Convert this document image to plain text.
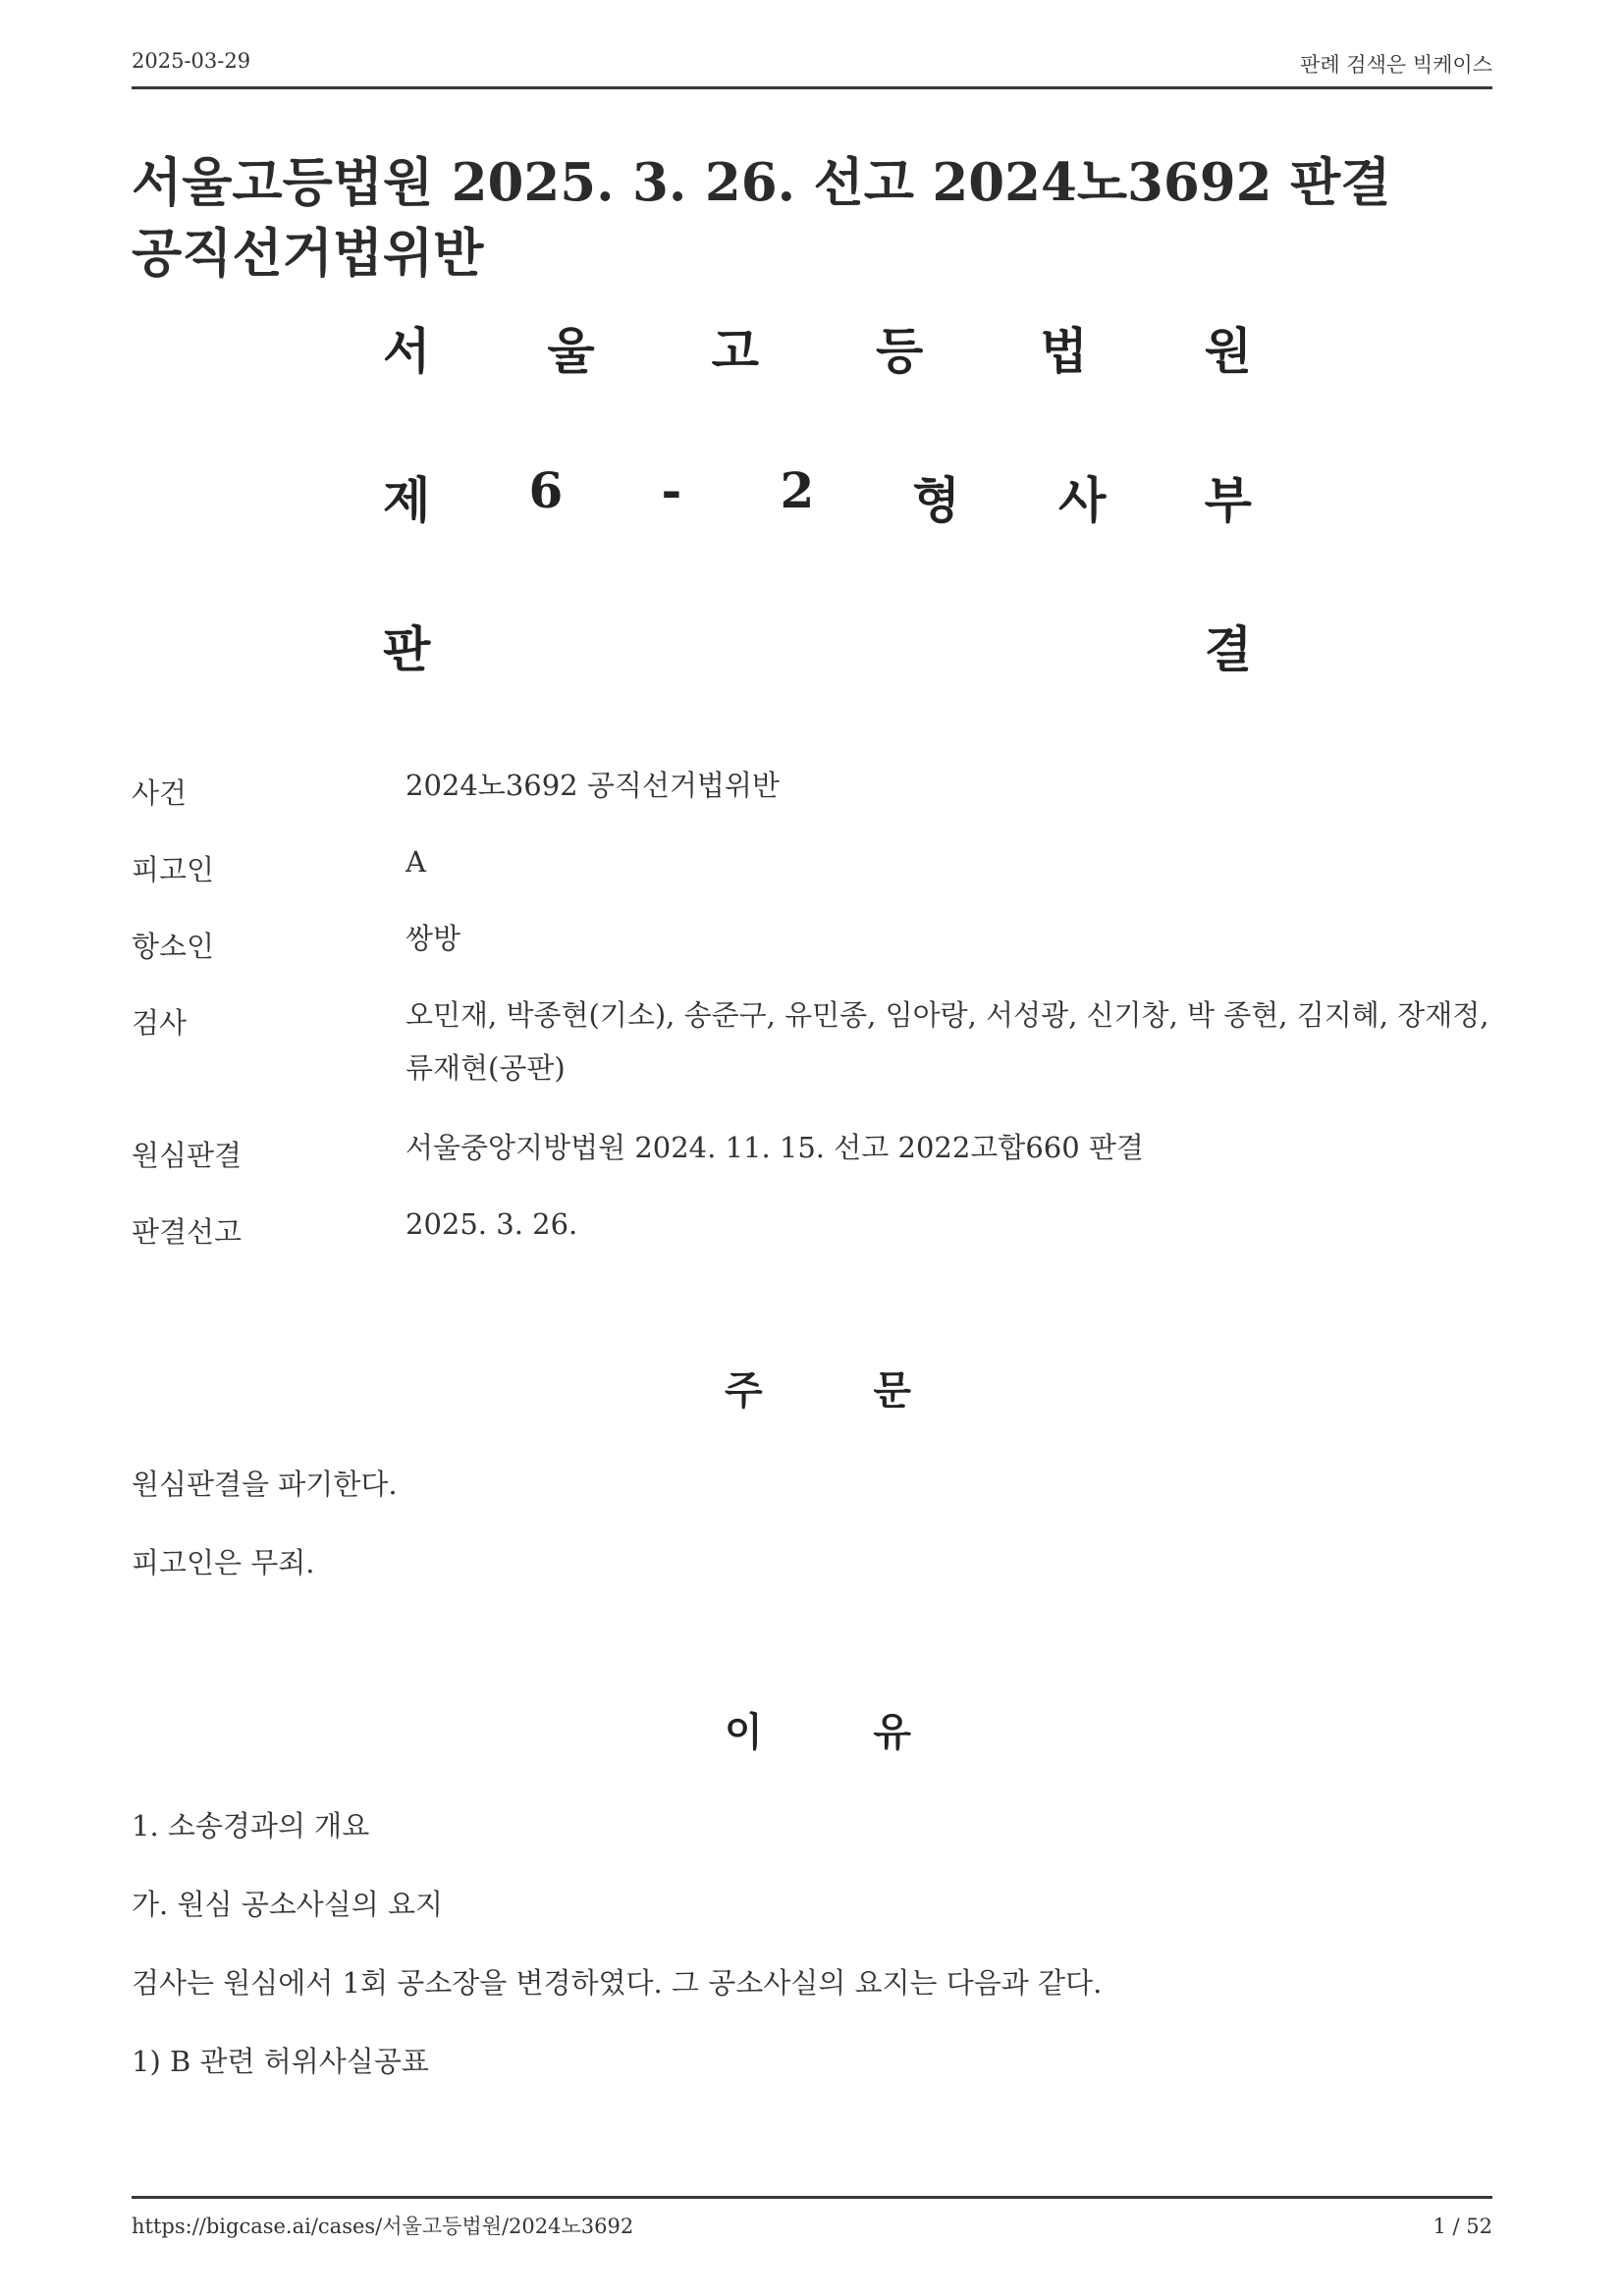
2025-03-29	판례 검색은 빅케이스
서울고등법원 2025. 3. 26. 선고 2024노3692 판결
공직선거법위반
서 울 고 등 법 원
제 6 - 2 형 사 부
판	결
사건	2024노3692 공직선거법위반
피고인	A
항소인	쌍방
검사	오민재, 박종현(기소), 송준구, 유민종, 임아랑, 서성광, 신기창, 박 종현, 김지혜, 장재정, 류재현(공판)
원심판결	서울중앙지방법원 2024. 11. 15. 선고 2022고합660 판결
판결선고	2025. 3. 26.
주	문
원심판결을 파기한다.
피고인은 무죄.
이	유
1. 소송경과의 개요
가. 원심 공소사실의 요지
검사는 원심에서 1회 공소장을 변경하였다. 그 공소사실의 요지는 다음과 같다.
1) B 관련 허위사실공표
https://bigcase.ai/cases/서울고등법원/2024노3692	1 / 52
